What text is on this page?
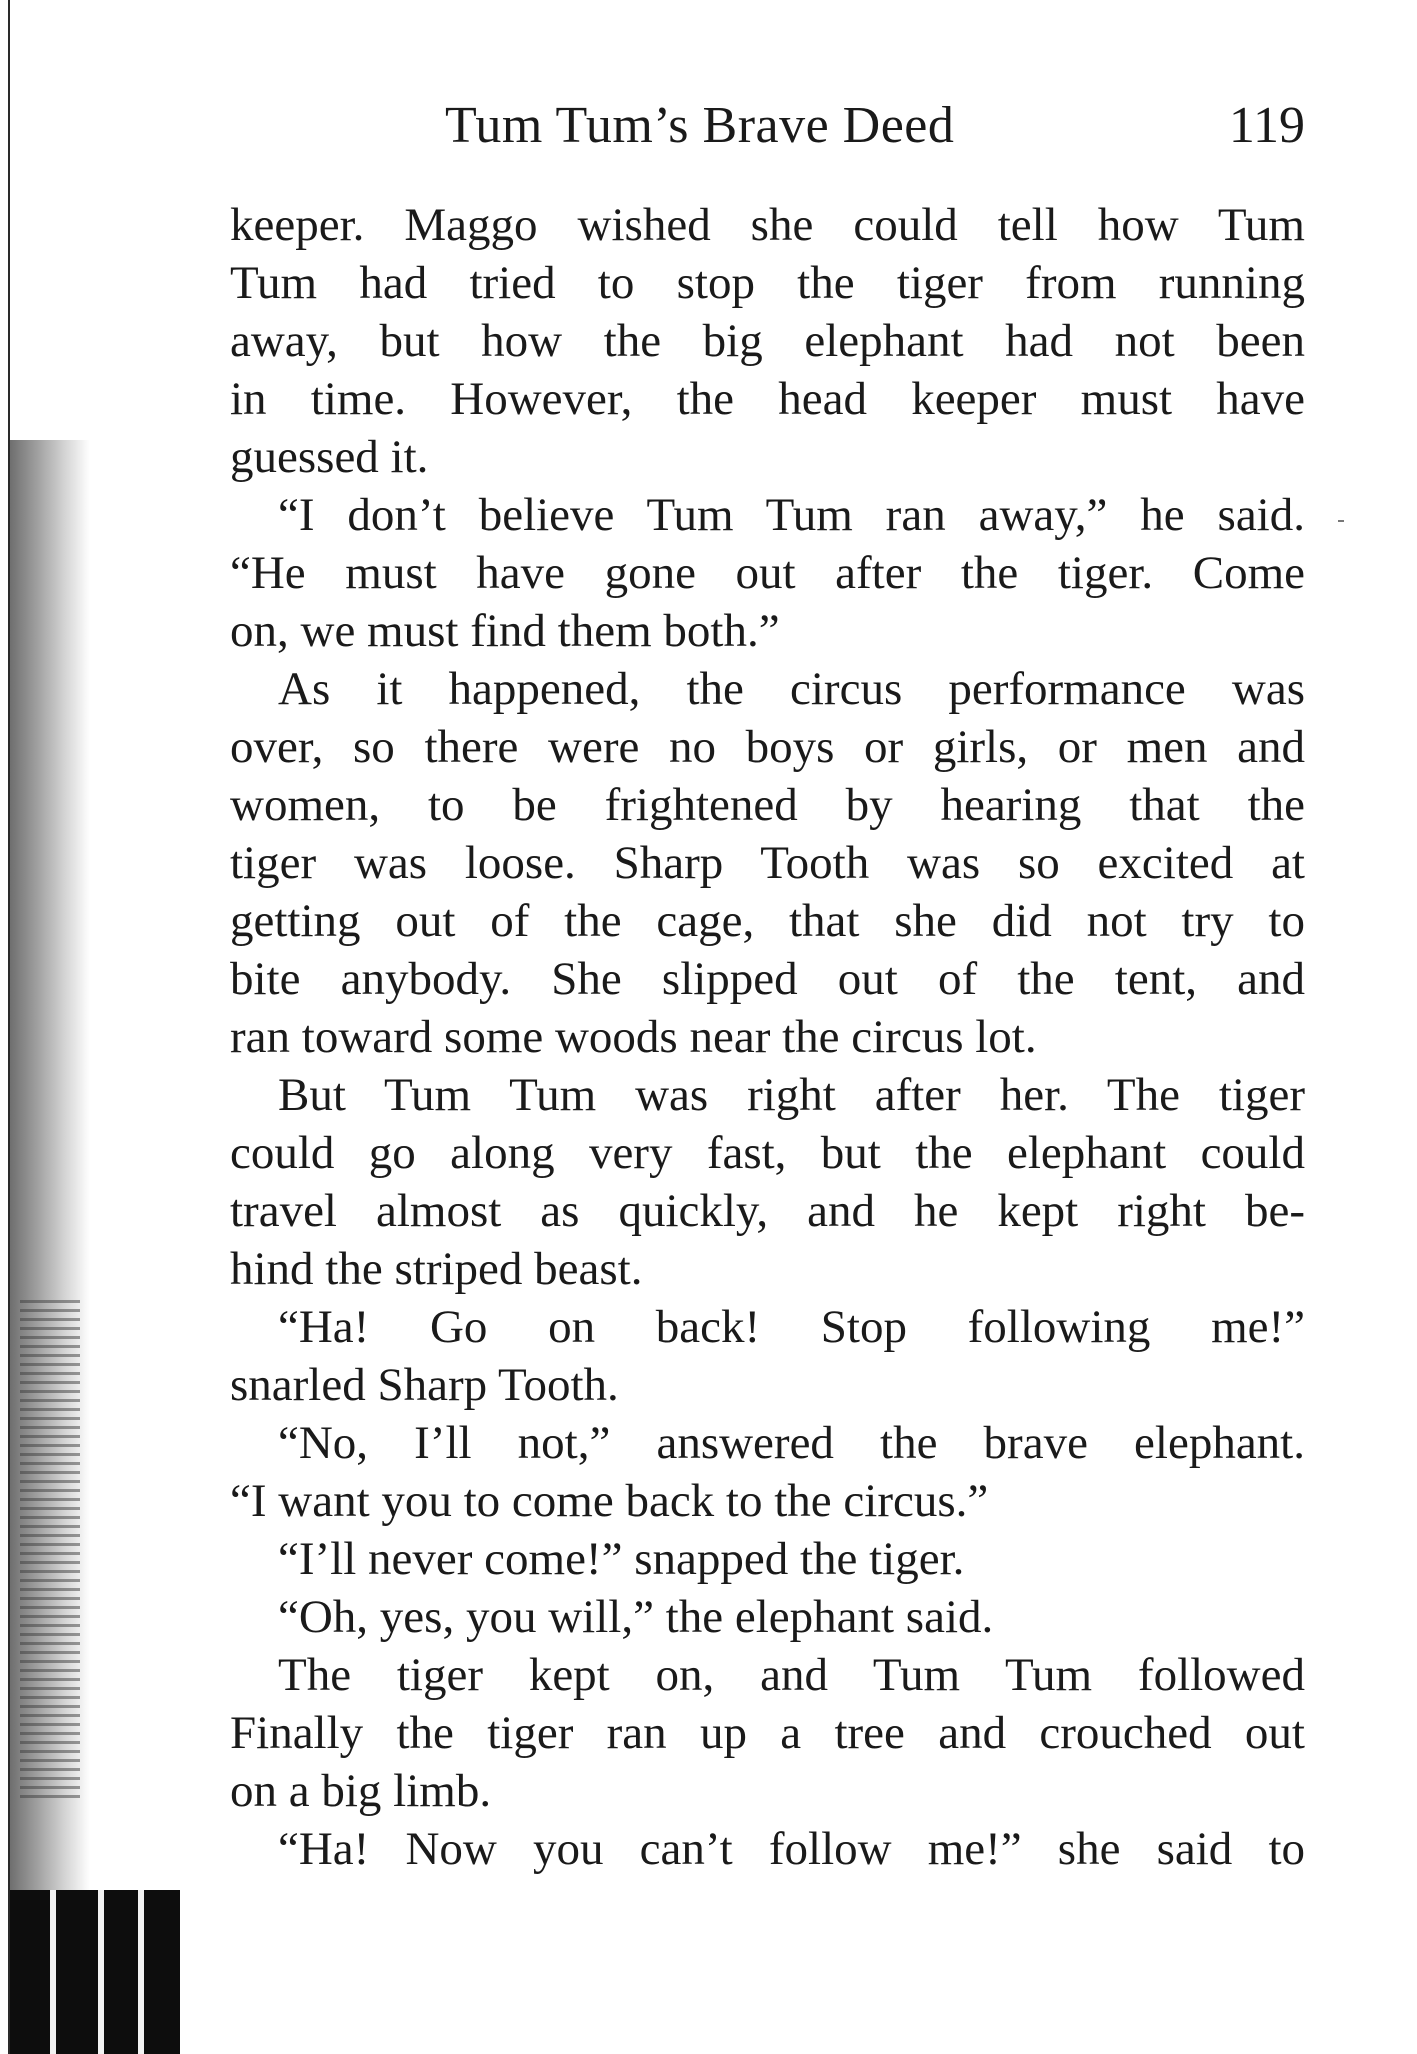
Tum Tum’s Brave Deed	119
keeper. Maggo wished she could tell how Tum
Tum had tried to stop the tiger from running
away, but how the big elephant had not been
in time. However, the head keeper must have
guessed it.
“I don’t believe Tum Tum ran away,” he said.
“He must have gone out after the tiger. Come
on, we must find them both.”
As it happened, the circus performance was
over, so there were no boys or girls, or men and
women, to be frightened by hearing that the
tiger was loose. Sharp Tooth was so excited at
getting out of the cage, that she did not try to
bite anybody. She slipped out of the tent, and
ran toward some woods near the circus lot.
But Tum Tum was right after her. The tiger
could go along very fast, but the elephant could
travel almost as quickly, and he kept right be-
hind the striped beast.
“Ha! Go on back! Stop following me!”
snarled Sharp Tooth.
“No, I’ll not,” answered the brave elephant.
“I want you to come back to the circus.”
“I’ll never come!” snapped the tiger.
“Oh, yes, you will,” the elephant said.
The tiger kept on, and Tum Tum followed
Finally the tiger ran up a tree and crouched out
on a big limb.
“Ha! Now you can’t follow me!” she said to
